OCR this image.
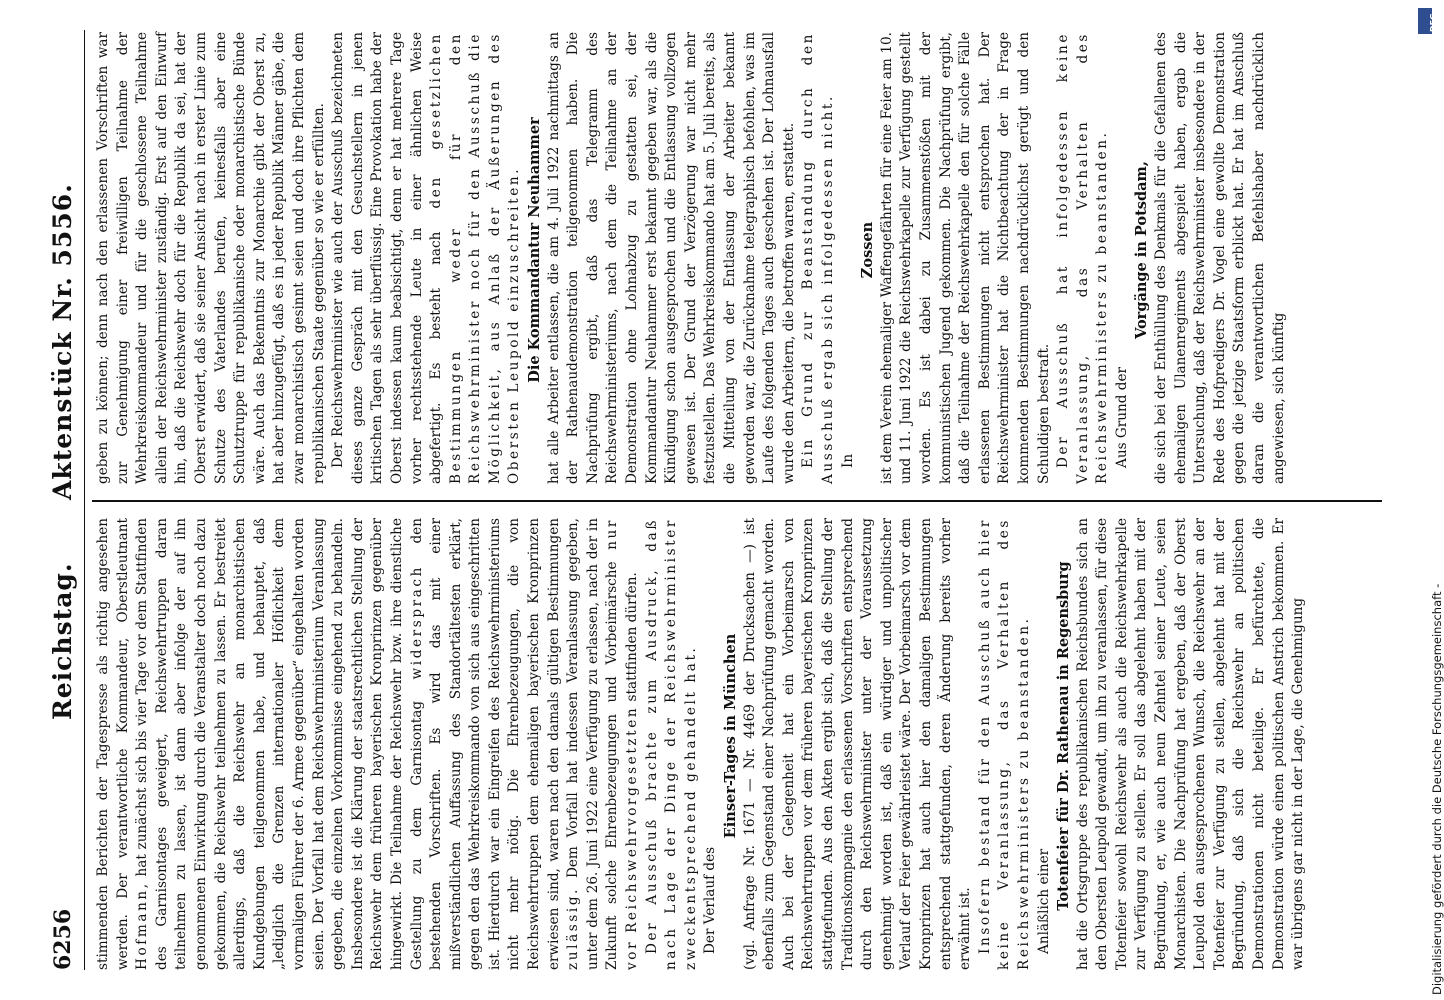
6256
Reichstag.
Aktenstück Nr. 5556.

stimmenden Berichten der Tagespresse als richtig angesehen werden. Der verantwortliche Kommandeur, Oberstleutnant Hofmann, hat zunächst sich bis vier Tage vor dem Stattfinden des Garnisontages geweigert, Reichswehrtruppen daran teilnehmen zu lassen, ist dann aber infolge der auf ihn genommenen Einwirkung durch die Veranstalter doch noch dazu gekommen, die Reichswehr teilnehmen zu lassen. Er bestreitet allerdings, daß die Reichswehr an monarchistischen Kundgebungen teilgenommen habe, und behauptet, daß „lediglich die Grenzen internationaler Höflichkeit dem vormaligen Führer der 6. Armee gegenüber“ eingehalten worden seien. Der Vorfall hat dem Reichswehrministerium Veranlassung gegeben, die einzelnen Vorkommnisse eingehend zu behandeln. Insbesondere ist die Klärung der staatsrechtlichen Stellung der Reichswehr dem früheren bayerischen Kronprinzen gegenüber hingewirkt. Die Teilnahme der Reichswehr bzw. ihre dienstliche Gestellung zu dem Garnisontag widersprach den bestehenden Vorschriften. Es wird das mit einer mißverständlichen Auffassung des Standortältesten erklärt, gegen den das Wehrkreiskommando von sich aus eingeschritten ist. Hierdurch war ein Eingreifen des Reichswehrministeriums nicht mehr nötig. Die Ehrenbezeugungen, die von Reichswehrtruppen dem ehemaligen bayerischen Kronprinzen erwiesen sind, waren nach den damals gültigen Bestimmungen zulässig. Dem Vorfall hat indessen Veranlassung gegeben, unter dem 26. Juni 1922 eine Verfügung zu erlassen, nach der in Zukunft solche Ehrenbezeugungen und Vorbeimärsche nur vor Reichswehrvorgesetzten stattfinden dürfen. Der Ausschuß brachte zum Ausdruck, daß nach Lage der Dinge der Reichswehrminister zweckentsprechend gehandelt hat. Der Verlauf des

Einser-Tages in München (vgl. Anfrage Nr. 1671 — Nr. 4469 der Drucksachen —) ist ebenfalls zum Gegenstand einer Nachprüfung gemacht worden. Auch bei der Gelegenheit hat ein Vorbeimarsch von Reichswehrtruppen vor dem früheren bayerischen Kronprinzen stattgefunden. Aus den Akten ergibt sich, daß die Stellung der Traditionskompagnie den erlassenen Vorschriften entsprechend durch den Reichswehrminister unter der Voraussetzung genehmigt worden ist, daß ein würdiger und unpolitischer Verlauf der Feier gewährleistet wäre. Der Vorbeimarsch vor dem Kronprinzen hat auch hier den damaligen Bestimmungen entsprechend stattgefunden, deren Änderung bereits vorher erwähnt ist. Insofern bestand für den Ausschuß auch hier keine Veranlassung, das Verhalten des Reichswehrministers zu beanstanden. Anläßlich einer Totenfeier für Dr. Rathenau in Regensburg hat die Ortsgruppe des republikanischen Reichsbundes sich an den Obersten Leupold gewandt, um ihn zu veranlassen, für diese Totenfeier sowohl Reichswehr als auch die Reichswehrkapelle zur Verfügung zu stellen. Er soll das abgelehnt haben mit der Begründung, er, wie auch neun Zehntel seiner Leute, seien Monarchisten. Die Nachprüfung hat ergeben, daß der Oberst Leupold den ausgesprochenen Wunsch, die Reichswehr an der Totenfeier zur Verfügung zu stellen, abgelehnt hat mit der Begründung, daß sich die Reichswehr an politischen Demonstrationen nicht beteilige. Er befürchtete, die Demonstration würde einen politischen Anstrich bekommen. Er war übrigens gar nicht in der Lage, die Genehmigung

geben zu können; denn nach den erlassenen Vorschriften war zur Genehmigung einer freiwilligen Teilnahme der Wehrkreiskommandeur und für die geschlossene Teilnahme allein der Reichswehrminister zuständig. Erst auf den Einwurf hin, daß die Reichswehr doch für die Republik da sei, hat der Oberst erwidert, daß sie seiner Ansicht nach in erster Linie zum Schutze des Vaterlandes berufen, keinesfalls aber eine Schutztruppe für republikanische oder monarchistische Bünde wäre. Auch das Bekenntnis zur Monarchie gibt der Oberst zu, hat aber hinzugefügt, daß es in jeder Republik Männer gäbe, die zwar monarchistisch gesinnt seien und doch ihre Pflichten dem republikanischen Staate gegenüber so wie er erfüllten. Der Reichswehrminister wie auch der Ausschuß bezeichneten dieses ganze Gespräch mit den Gesuchstellern in jenen kritischen Tagen als sehr überflüssig. Eine Provokation habe der Oberst indessen kaum beabsichtigt, denn er hat mehrere Tage vorher rechtsstehende Leute in einer ähnlichen Weise abgefertigt. Es besteht nach den gesetzlichen Bestimmungen weder für den Reichswehrminister noch für den Ausschuß die Möglichkeit, aus Anlaß der Äußerungen des Obersten Leupold einzuschreiten. Die Kommandantur Neuhammer hat alle Arbeiter entlassen, die am 4. Juli 1922 nachmittags an der Rathenaudemonstration teilgenommen haben. Die Nachprüfung ergibt, daß das Telegramm des Reichswehrministeriums, nach dem die Teilnahme an der Demonstration ohne Lohnabzug zu gestatten sei, der Kommandantur Neuhammer erst bekannt gegeben war, als die Kündigung schon ausgesprochen und die Entlassung vollzogen gewesen ist. Der Grund der Verzögerung war nicht mehr festzustellen. Das Wehrkreiskommando hat am 5. Juli bereits, als die Mitteilung von der Entlassung der Arbeiter bekannt geworden war, die Zurücknahme telegraphisch befohlen, was im Laufe des folgenden Tages auch geschehen ist. Der Lohnausfall wurde den Arbeitern, die betroffen waren, erstattet. Ein Grund zur Beanstandung durch den Ausschuß ergab sich infolgedessen nicht. In

Zossen ist dem Verein ehemaliger Waffengefährten für eine Feier am 10. und 11. Juni 1922 die Reichswehrkapelle zur Verfügung gestellt worden. Es ist dabei zu Zusammenstößen mit der kommunistischen Jugend gekommen. Die Nachprüfung ergibt, daß die Teilnahme der Reichswehrkapelle den für solche Fälle erlassenen Bestimmungen nicht entsprochen hat. Der Reichswehrminister hat die Nichtbeachtung der in Frage kommenden Bestimmungen nachdrücklichst gerügt und den Schuldigen bestraft. Der Ausschuß hat infolgedessen keine Veranlassung, das Verhalten des Reichswehrministers zu beanstanden. Aus Grund der

Vorgänge in Potsdam, die sich bei der Enthüllung des Denkmals für die Gefallenen des ehemaligen Ulanenregiments abgespielt haben, ergab die Untersuchung, daß der Reichswehrminister insbesondere in der Rede des Hofpredigers Dr. Vogel eine gewollte Demonstration gegen die jetzige Staatsform erblickt hat. Er hat im Anschluß daran die verantwortlichen Befehlshaber nachdrücklich angewiesen, sich künftig

DFG
Digitalisierung gefördert durch die Deutsche Forschungsgemeinschaft -
